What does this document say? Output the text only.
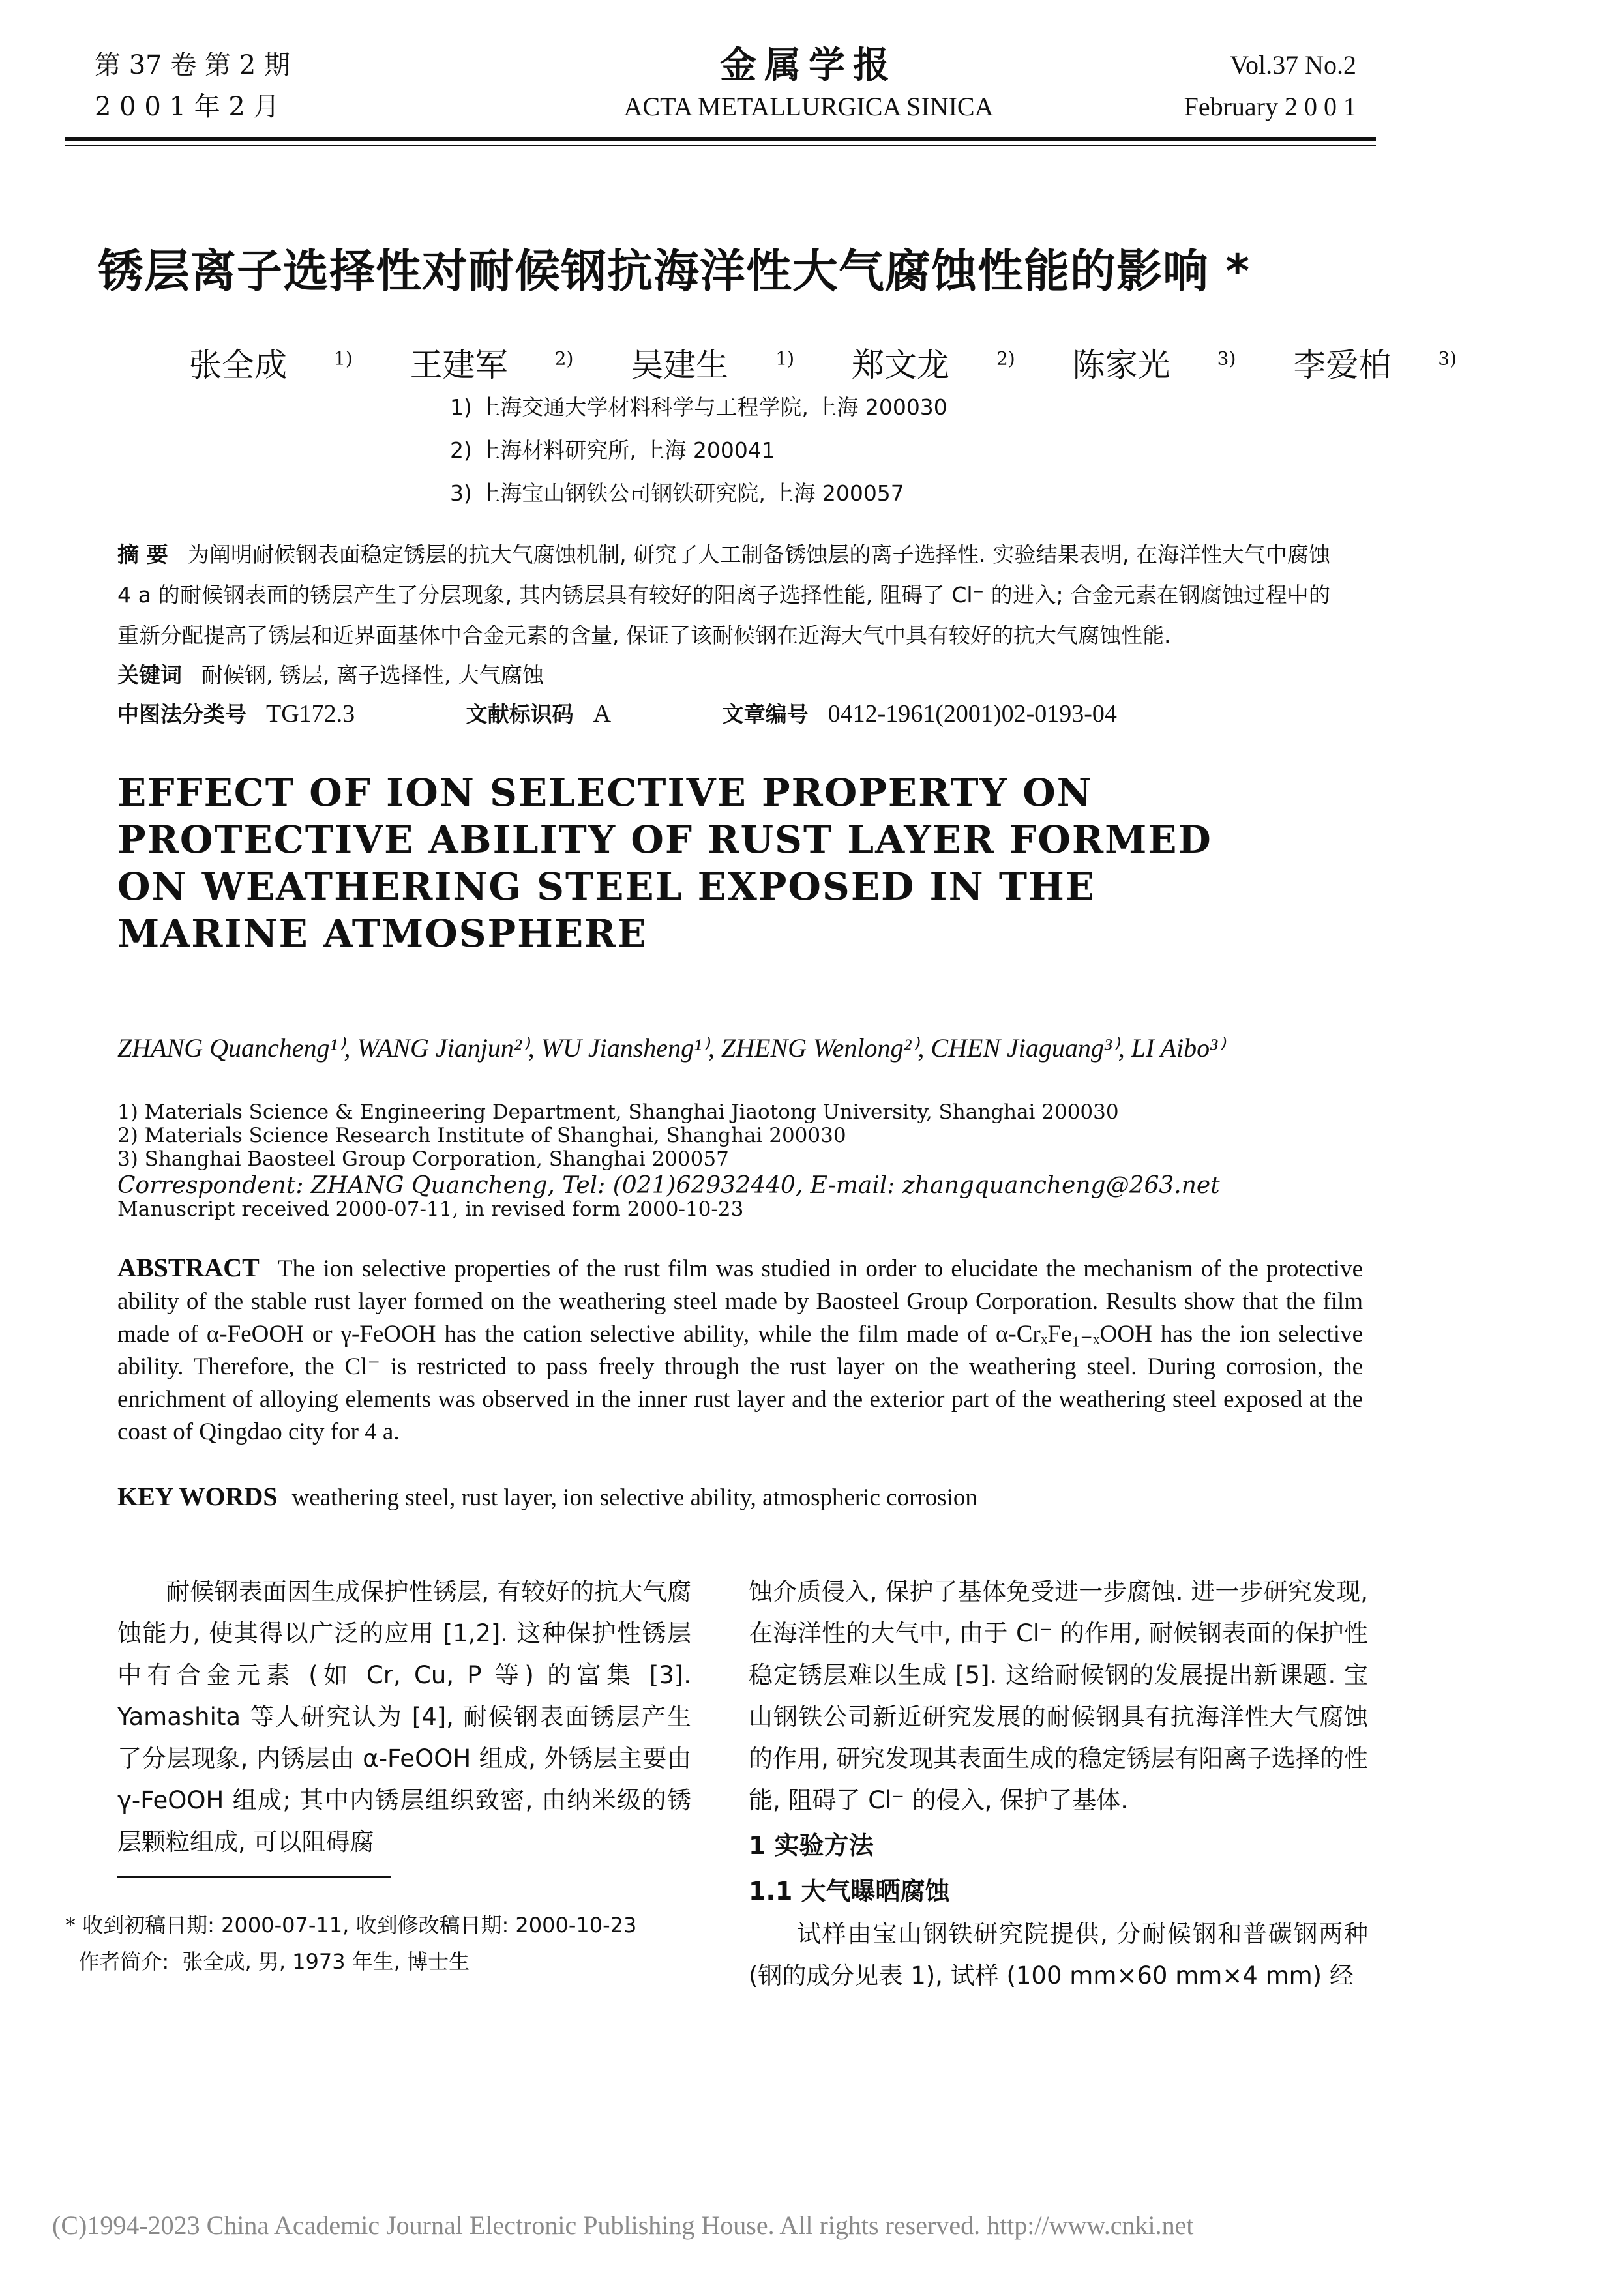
第 37 卷 第 2 期
2 0 0 1 年 2 月
金属学报
ACTA METALLURGICA SINICA
Vol.37 No.2
February 2 0 0 1
锈层离子选择性对耐候钢抗海洋性大气腐蚀性能的影响 *
张全成	$^{1)}$ 王建军	$^{2)}$ 吴建生	$^{1)}$ 郑文龙	$^{2)}$ 陈家光	$^{3)}$ 李爱柏	$^{3)}$
1) 上海交通大学材料科学与工程学院, 上海 200030
2) 上海材料研究所, 上海 200041
3) 上海宝山钢铁公司钢铁研究院, 上海 200057
摘 要 为阐明耐候钢表面稳定锈层的抗大气腐蚀机制, 研究了人工制备锈蚀层的离子选择性. 实验结果表明, 在海洋性大气中腐蚀 4 a 的耐候钢表面的锈层产生了分层现象, 其内锈层具有较好的阳离子选择性能, 阻碍了 Cl⁻ 的进入; 合金元素在钢腐蚀过程中的重新分配提高了锈层和近界面基体中合金元素的含量, 保证了该耐候钢在近海大气中具有较好的抗大气腐蚀性能.
关键词 耐候钢, 锈层, 离子选择性, 大气腐蚀
中图法分类号 TG172.3	文献标识码 A	文章编号 0412-1961(2001)02-0193-04
EFFECT OF ION SELECTIVE PROPERTY ON PROTECTIVE ABILITY OF RUST LAYER FORMED ON WEATHERING STEEL EXPOSED IN THE MARINE ATMOSPHERE
ZHANG Quancheng¹⁾, WANG Jianjun²⁾, WU Jiansheng¹⁾, ZHENG Wenlong²⁾, CHEN Jiaguang³⁾, LI Aibo³⁾
1) Materials Science & Engineering Department, Shanghai Jiaotong University, Shanghai 200030
2) Materials Science Research Institute of Shanghai, Shanghai 200030
3) Shanghai Baosteel Group Corporation, Shanghai 200057
Correspondent: ZHANG Quancheng, Tel: (021)62932440, E-mail: zhangquancheng@263.net
Manuscript received 2000-07-11, in revised form 2000-10-23
ABSTRACT The ion selective properties of the rust film was studied in order to elucidate the mechanism of the protective ability of the stable rust layer formed on the weathering steel made by Baosteel Group Corporation. Results show that the film made of α-FeOOH or γ-FeOOH has the cation selective ability, while the film made of α-CrₓFe₁₋ₓOOH has the ion selective ability. Therefore, the Cl⁻ is restricted to pass freely through the rust layer on the weathering steel. During corrosion, the enrichment of alloying elements was observed in the inner rust layer and the exterior part of the weathering steel exposed at the coast of Qingdao city for 4 a.
KEY WORDS weathering steel, rust layer, ion selective ability, atmospheric corrosion
耐候钢表面因生成保护性锈层, 有较好的抗大气腐蚀能力, 使其得以广泛的应用 [1,2]. 这种保护性锈层中有合金元素 (如 Cr, Cu, P 等) 的富集 [3]. Yamashita 等人研究认为 [4], 耐候钢表面锈层产生了分层现象, 内锈层由 α-FeOOH 组成, 外锈层主要由 γ-FeOOH 组成; 其中内锈层组织致密, 由纳米级的锈层颗粒组成, 可以阻碍腐
蚀介质侵入, 保护了基体免受进一步腐蚀. 进一步研究发现, 在海洋性的大气中, 由于 Cl⁻ 的作用, 耐候钢表面的保护性稳定锈层难以生成 [5]. 这给耐候钢的发展提出新课题. 宝山钢铁公司新近研究发展的耐候钢具有抗海洋性大气腐蚀的作用, 研究发现其表面生成的稳定锈层有阳离子选择的性能, 阻碍了 Cl⁻ 的侵入, 保护了基体.
1 实验方法
1.1 大气曝晒腐蚀
试样由宝山钢铁研究院提供, 分耐候钢和普碳钢两种 (钢的成分见表 1), 试样 (100 mm×60 mm×4 mm) 经
* 收到初稿日期: 2000-07-11, 收到修改稿日期: 2000-10-23
作者简介:  张全成, 男, 1973 年生, 博士生
(C)1994-2023 China Academic Journal Electronic Publishing House. All rights reserved. http://www.cnki.net
